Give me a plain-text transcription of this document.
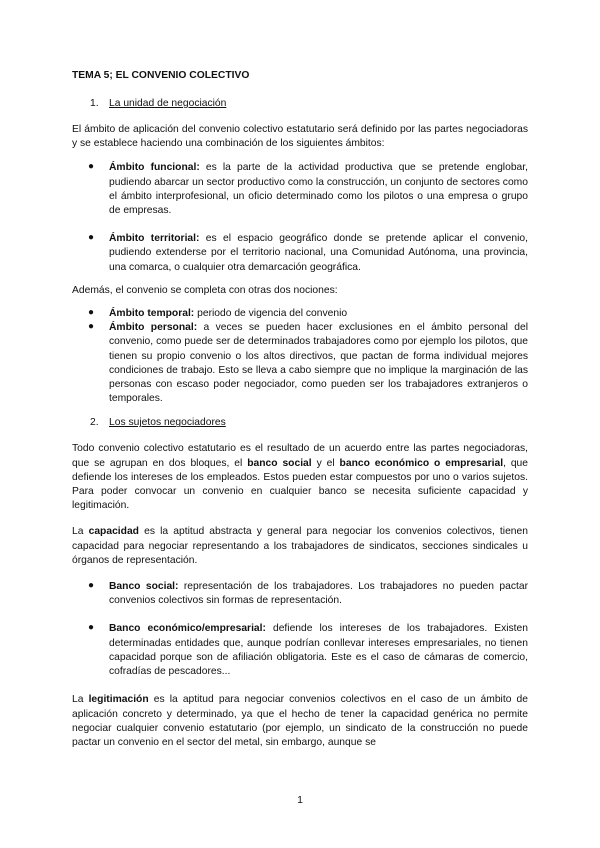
TEMA 5; EL CONVENIO COLECTIVO

1. La unidad de negociación

El ámbito de aplicación del convenio colectivo estatutario será definido por las partes negociadoras y se establece haciendo una combinación de los siguientes ámbitos:

● Ámbito funcional: es la parte de la actividad productiva que se pretende englobar, pudiendo abarcar un sector productivo como la construcción, un conjunto de sectores como el ámbito interprofesional, un oficio determinado como los pilotos o una empresa o grupo de empresas.

● Ámbito territorial: es el espacio geográfico donde se pretende aplicar el convenio, pudiendo extenderse por el territorio nacional, una Comunidad Autónoma, una provincia, una comarca, o cualquier otra demarcación geográfica.

Además, el convenio se completa con otras dos nociones:

● Ámbito temporal: periodo de vigencia del convenio

● Ámbito personal: a veces se pueden hacer exclusiones en el ámbito personal del convenio, como puede ser de determinados trabajadores como por ejemplo los pilotos, que tienen su propio convenio o los altos directivos, que pactan de forma individual mejores condiciones de trabajo. Esto se lleva a cabo siempre que no implique la marginación de las personas con escaso poder negociador, como pueden ser los trabajadores extranjeros o temporales.

2. Los sujetos negociadores

Todo convenio colectivo estatutario es el resultado de un acuerdo entre las partes negociadoras, que se agrupan en dos bloques, el banco social y el banco económico o empresarial, que defiende los intereses de los empleados. Estos pueden estar compuestos por uno o varios sujetos. Para poder convocar un convenio en cualquier banco se necesita suficiente capacidad y legitimación.

La capacidad es la aptitud abstracta y general para negociar los convenios colectivos, tienen capacidad para negociar representando a los trabajadores de sindicatos, secciones sindicales u órganos de representación.

● Banco social: representación de los trabajadores. Los trabajadores no pueden pactar convenios colectivos sin formas de representación.

● Banco económico/empresarial: defiende los intereses de los trabajadores. Existen determinadas entidades que, aunque podrían conllevar intereses empresariales, no tienen capacidad porque son de afiliación obligatoria. Este es el caso de cámaras de comercio, cofradías de pescadores...

La legitimación es la aptitud para negociar convenios colectivos en el caso de un ámbito de aplicación concreto y determinado, ya que el hecho de tener la capacidad genérica no permite negociar cualquier convenio estatutario (por ejemplo, un sindicato de la construcción no puede pactar un convenio en el sector del metal, sin embargo, aunque se

1
